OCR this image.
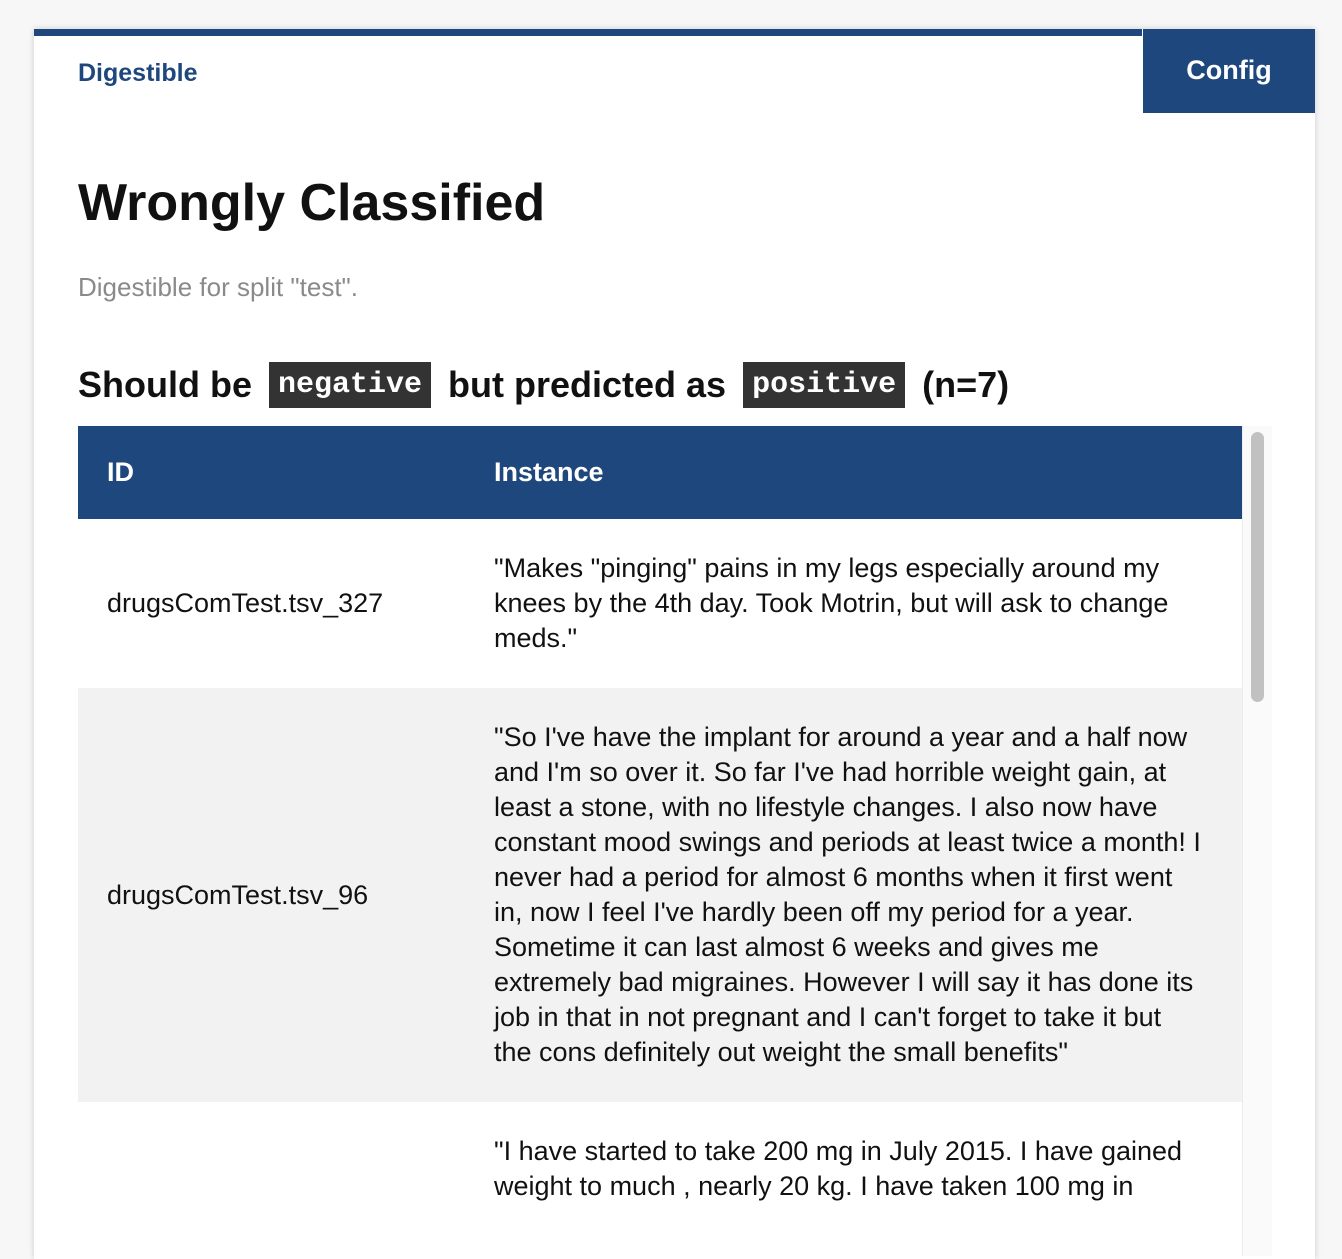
Digestible	Config
Wrongly Classified

Digestible for split "test".

Should be negative but predicted as positive (n=7)
ID	Instance
drugsComTest.tsv_327	"Makes "pinging" pains in my legs especially around my knees by the 4th day. Took Motrin, but will ask to change meds."
drugsComTest.tsv_96	"So I've have the implant for around a year and a half now and I'm so over it. So far I've had horrible weight gain, at least a stone, with no lifestyle changes. I also now have constant mood swings and periods at least twice a month! I never had a period for almost 6 months when it first went in, now I feel I've hardly been off my period for a year. Sometime it can last almost 6 weeks and gives me extremely bad migraines. However I will say it has done its job in that in not pregnant and I can't forget to take it but the cons definitely out weight the small benefits"
	"I have started to take 200 mg in July 2015. I have gained weight to much , nearly 20 kg. I have taken 100 mg in
